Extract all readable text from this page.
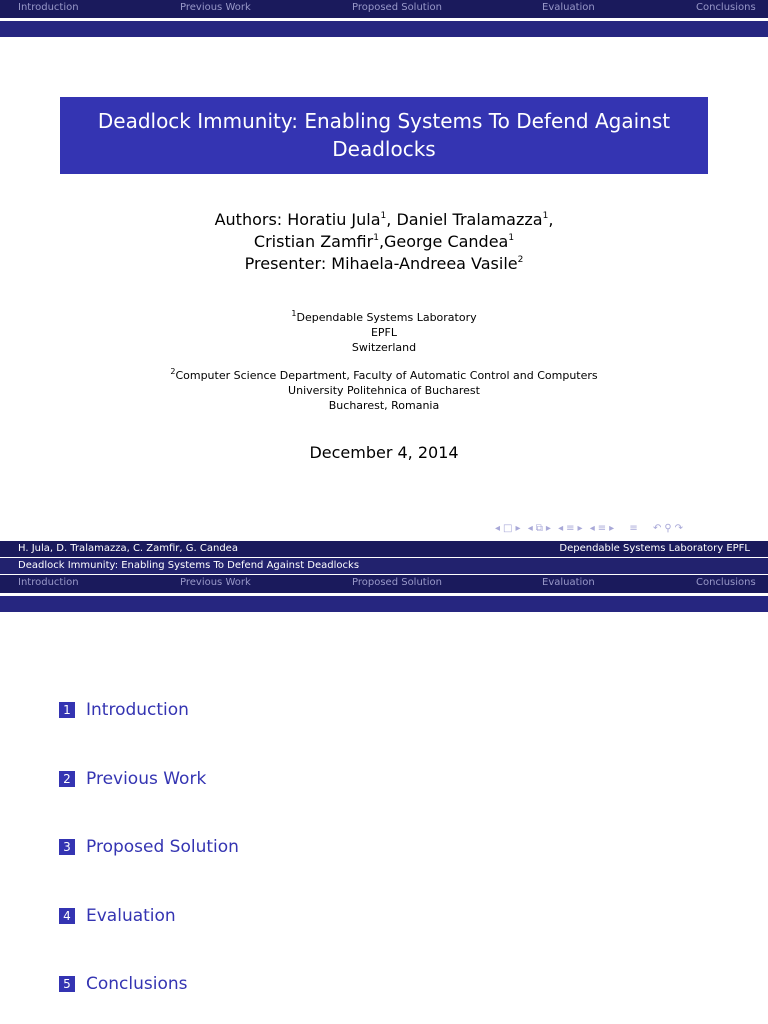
Introduction	Previous Work	Proposed Solution	Evaluation	Conclusions
Deadlock Immunity: Enabling Systems To Defend Against Deadlocks
Authors: Horatiu Jula$^1$, Daniel Tralamazza$^1$,
Cristian Zamfir$^1$,George Candea$^1$
Presenter: Mihaela-Andreea Vasile$^2$
$^1$Dependable Systems Laboratory
EPFL
Switzerland
$^2$Computer Science Department, Faculty of Automatic Control and Computers
University Politehnica of Bucharest
Bucharest, Romania
December 4, 2014
◂ □ ▸ ◂ ⧉ ▸ ◂ ≡ ▸ ◂ ≡ ▸ ≡ ↶ ⚲ ↷
H. Jula, D. Tralamazza, C. Zamfir, G. Candea	Dependable Systems Laboratory EPFL
Deadlock Immunity: Enabling Systems To Defend Against Deadlocks
Introduction	Previous Work	Proposed Solution	Evaluation	Conclusions
1 Introduction
2 Previous Work
3 Proposed Solution
4 Evaluation
5 Conclusions
